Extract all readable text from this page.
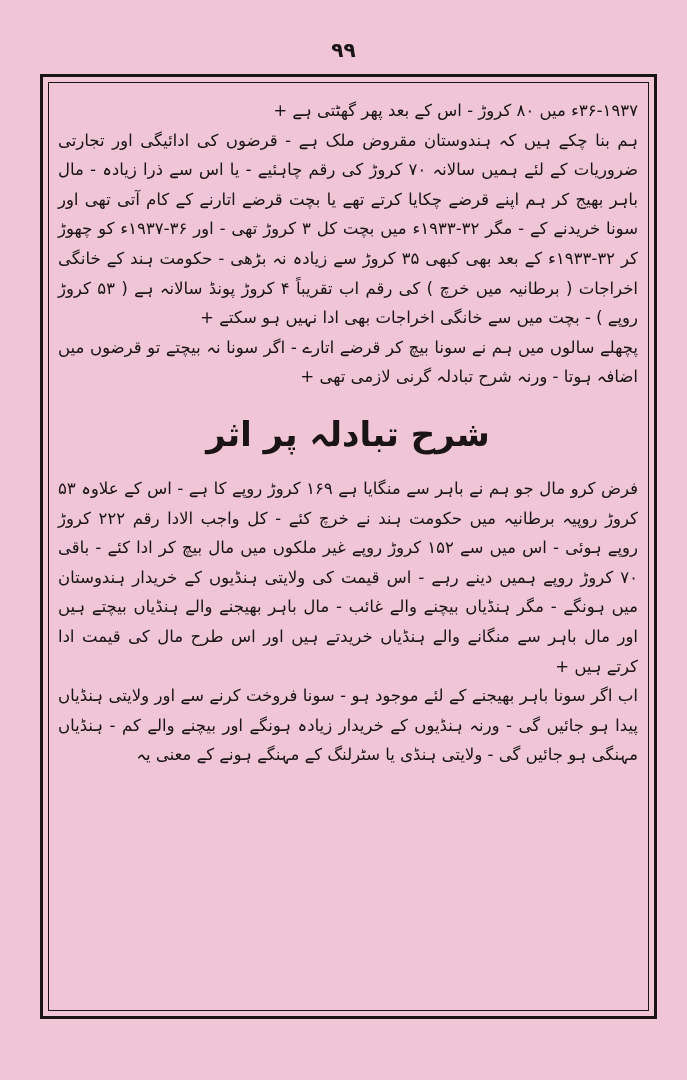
۹۹

۳۶-۱۹۳۷ء میں ۸۰ کروڑ - اس کے بعد پھر گھٹتی ہے +

ہم بنا چکے ہیں کہ ہندوستان مقروض ملک ہے - قرضوں کی ادائیگی اور تجارتی ضروریات کے لئے ہمیں سالانہ ۷۰ کروڑ کی رقم چاہئیے - یا اس سے ذرا زیادہ - مال باہر بھیج کر ہم اپنے قرضے چکایا کرتے تھے یا بچت قرضے اتارنے کے کام آتی تھی اور سونا خریدنے کے - مگر ۳۲-۱۹۳۳ء میں بچت کل ۳ کروڑ تھی - اور ۳۶-۱۹۳۷ء کو چھوڑ کر ۳۲-۱۹۳۳ء کے بعد بھی کبھی ۳۵ کروڑ سے زیادہ نہ بڑھی - حکومت ہند کے خانگی اخراجات ( برطانیہ میں خرچ ) کی رقم اب تقریباً ۴ کروڑ پونڈ سالانہ ہے ( ۵۳ کروڑ روپے ) - بچت میں سے خانگی اخراجات بھی ادا نہیں ہو سکتے +

پچھلے سالوں میں ہم نے سونا بیچ کر قرضے اتارے - اگر سونا نہ بیچتے تو قرضوں میں اضافہ ہوتا - ورنہ شرح تبادلہ گرنی لازمی تھی +

شرح تبادلہ پر اثر

فرض کرو مال جو ہم نے باہر سے منگایا ہے ۱۶۹ کروڑ روپے کا ہے - اس کے علاوہ ۵۳ کروڑ روپیہ برطانیہ میں حکومت ہند نے خرچ کئے - کل واجب الادا رقم ۲۲۲ کروڑ روپے ہوئی - اس میں سے ۱۵۲ کروڑ روپے غیر ملکوں میں مال بیچ کر ادا کئے - باقی ۷۰ کروڑ روپے ہمیں دینے رہے - اس قیمت کی ولایتی ہنڈیوں کے خریدار ہندوستان میں ہونگے - مگر ہنڈیاں بیچنے والے غائب - مال باہر بھیجنے والے ہنڈیاں بیچتے ہیں اور مال باہر سے منگانے والے ہنڈیاں خریدتے ہیں اور اس طرح مال کی قیمت ادا کرتے ہیں +

اب اگر سونا باہر بھیجنے کے لئے موجود ہو - سونا فروخت کرنے سے اور ولایتی ہنڈیاں پیدا ہو جائیں گی - ورنہ ہنڈیوں کے خریدار زیادہ ہونگے اور بیچنے والے کم - ہنڈیاں مہنگی ہو جائیں گی - ولایتی ہنڈی یا سٹرلنگ کے مہنگے ہونے کے معنی یہ
